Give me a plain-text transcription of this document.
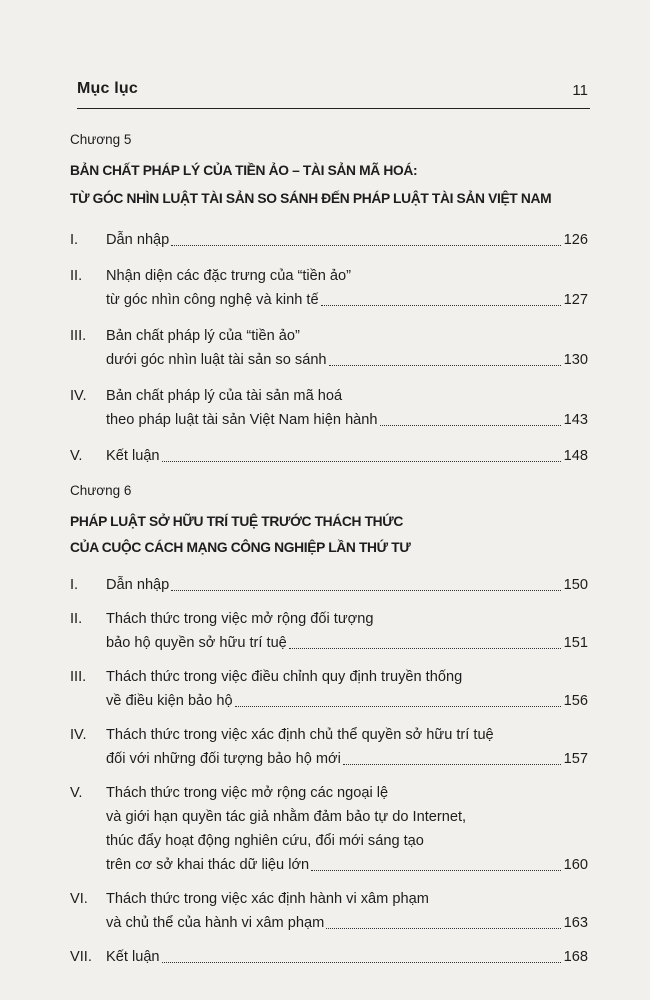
Mục lục	11
Chương 5
BẢN CHẤT PHÁP LÝ CỦA TIỀN ẢO – TÀI SẢN MÃ HOÁ:
TỪ GÓC NHÌN LUẬT TÀI SẢN SO SÁNH ĐẾN PHÁP LUẬT TÀI SẢN VIỆT NAM
I. Dẫn nhập	126
II. Nhận diện các đặc trưng của “tiền ảo”
từ góc nhìn công nghệ và kinh tế	127
III. Bản chất pháp lý của “tiền ảo”
dưới góc nhìn luật tài sản so sánh	130
IV. Bản chất pháp lý của tài sản mã hoá
theo pháp luật tài sản Việt Nam hiện hành	143
V. Kết luận	148
Chương 6
PHÁP LUẬT SỞ HỮU TRÍ TUỆ TRƯỚC THÁCH THỨC
CỦA CUỘC CÁCH MẠNG CÔNG NGHIỆP LẦN THỨ TƯ
I. Dẫn nhập	150
II. Thách thức trong việc mở rộng đối tượng
bảo hộ quyền sở hữu trí tuệ	151
III. Thách thức trong việc điều chỉnh quy định truyền thống
về điều kiện bảo hộ	156
IV. Thách thức trong việc xác định chủ thể quyền sở hữu trí tuệ
đối với những đối tượng bảo hộ mới	157
V. Thách thức trong việc mở rộng các ngoại lệ
và giới hạn quyền tác giả nhằm đảm bảo tự do Internet,
thúc đẩy hoạt động nghiên cứu, đổi mới sáng tạo
trên cơ sở khai thác dữ liệu lớn	160
VI. Thách thức trong việc xác định hành vi xâm phạm
và chủ thể của hành vi xâm phạm	163
VII. Kết luận	168
